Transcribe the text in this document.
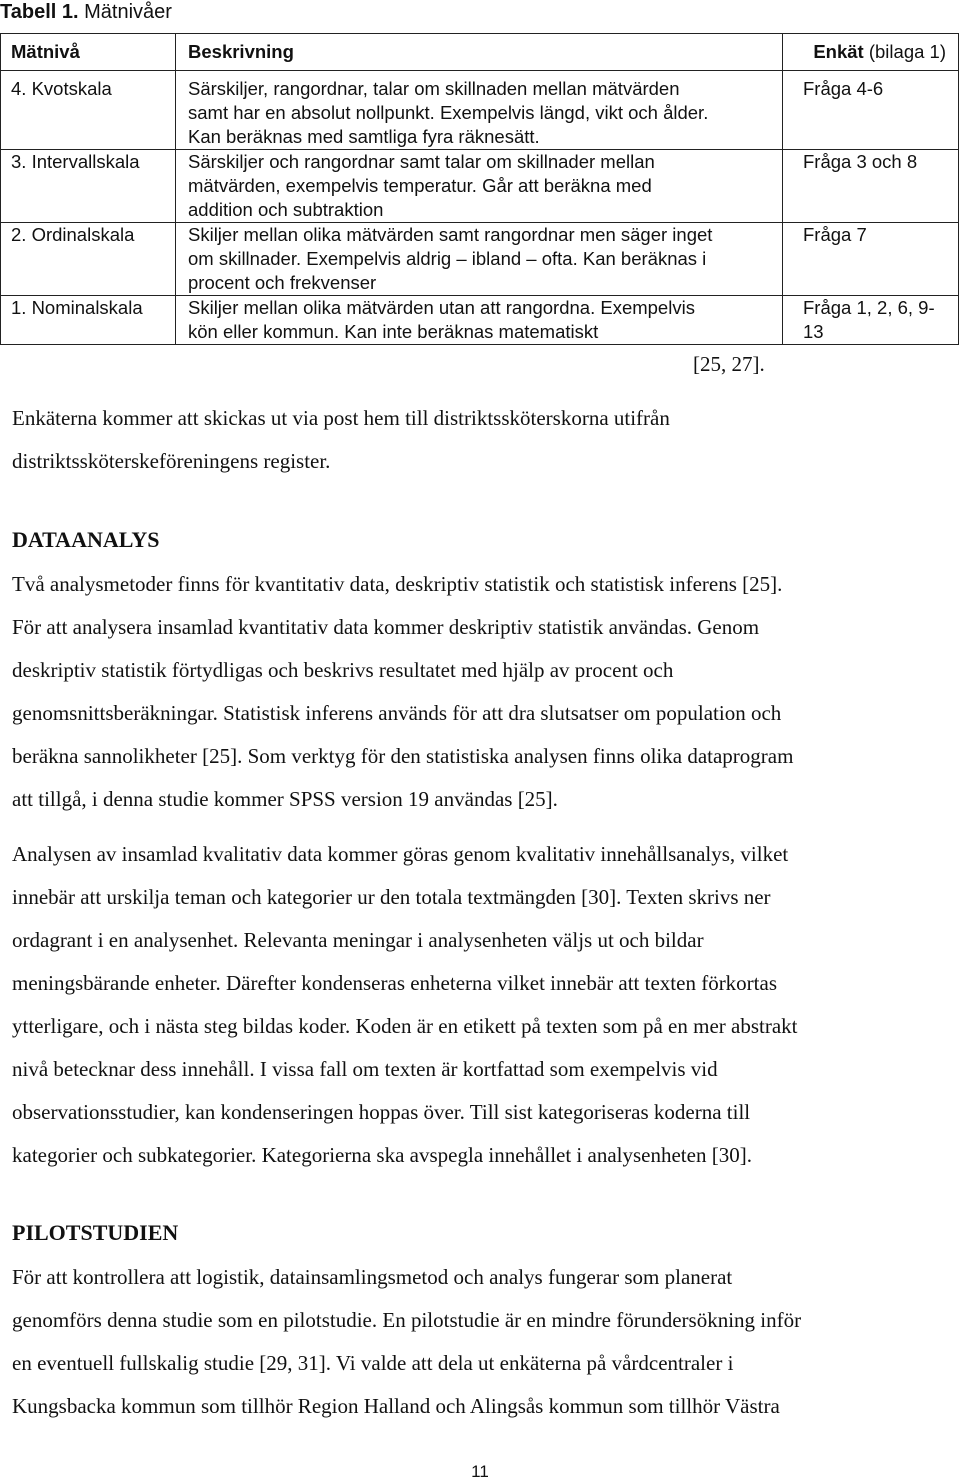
Tabell 1. Mätnivåer
Mätnivå	Beskrivning	Enkät (bilaga 1)
4. Kvotskala	Särskiljer, rangordnar, talar om skillnaden mellan mätvärden
samt har en absolut nollpunkt. Exempelvis längd, vikt och ålder.
Kan beräknas med samtliga fyra räknesätt.	Fråga 4-6
3. Intervallskala	Särskiljer och rangordnar samt talar om skillnader mellan
mätvärden, exempelvis temperatur. Går att beräkna med
addition och subtraktion	Fråga 3 och 8
2. Ordinalskala	Skiljer mellan olika mätvärden samt rangordnar men säger inget
om skillnader. Exempelvis aldrig – ibland – ofta. Kan beräknas i
procent och frekvenser	Fråga 7
1. Nominalskala	Skiljer mellan olika mätvärden utan att rangordna. Exempelvis
kön eller kommun. Kan inte beräknas matematiskt	Fråga 1, 2, 6, 9-
13
[25, 27].

Enkäterna kommer att skickas ut via post hem till distriktssköterskorna utifrån
distriktssköterskeföreningens register.

DATAANALYS

Två analysmetoder finns för kvantitativ data, deskriptiv statistik och statistisk inferens [25].
För att analysera insamlad kvantitativ data kommer deskriptiv statistik användas. Genom
deskriptiv statistik förtydligas och beskrivs resultatet med hjälp av procent och
genomsnittsberäkningar. Statistisk inferens används för att dra slutsatser om population och
beräkna sannolikheter [25]. Som verktyg för den statistiska analysen finns olika dataprogram
att tillgå, i denna studie kommer SPSS version 19 användas [25].

Analysen av insamlad kvalitativ data kommer göras genom kvalitativ innehållsanalys, vilket
innebär att urskilja teman och kategorier ur den totala textmängden [30]. Texten skrivs ner
ordagrant i en analysenhet. Relevanta meningar i analysenheten väljs ut och bildar
meningsbärande enheter. Därefter kondenseras enheterna vilket innebär att texten förkortas
ytterligare, och i nästa steg bildas koder. Koden är en etikett på texten som på en mer abstrakt
nivå betecknar dess innehåll. I vissa fall om texten är kortfattad som exempelvis vid
observationsstudier, kan kondenseringen hoppas över. Till sist kategoriseras koderna till
kategorier och subkategorier. Kategorierna ska avspegla innehållet i analysenheten [30].

PILOTSTUDIEN

För att kontrollera att logistik, datainsamlingsmetod och analys fungerar som planerat
genomförs denna studie som en pilotstudie. En pilotstudie är en mindre förundersökning inför
en eventuell fullskalig studie [29, 31]. Vi valde att dela ut enkäterna på vårdcentraler i
Kungsbacka kommun som tillhör Region Halland och Alingsås kommun som tillhör Västra

11
